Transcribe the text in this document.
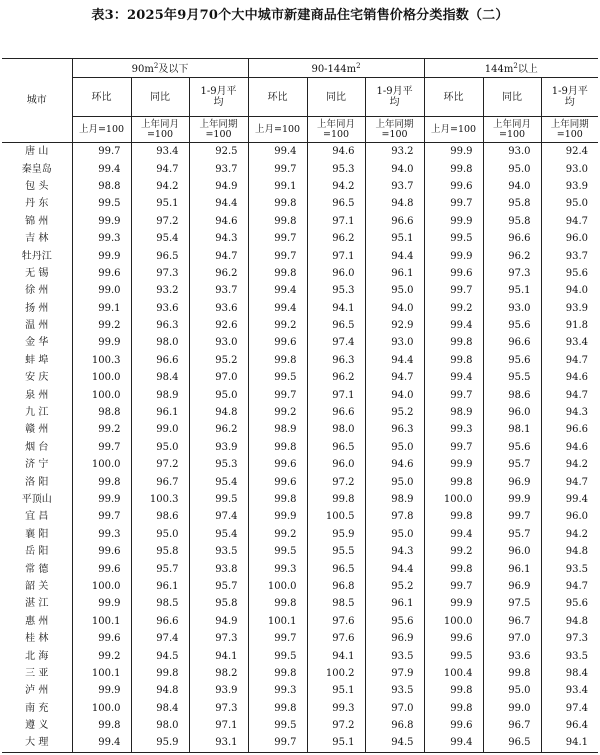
表3：2025年9月70个大中城市新建商品住宅销售价格分类指数（二）
城市	$90m^2$及以下			$90-144m^2$			$144m^2$以上		
	环比	同比	1-9月平均	环比	同比	1-9月平均	环比	同比	1-9月平均
	上月=100	上年同月=100	上年同期=100	上月=100	上年同月=100	上年同期=100	上月=100	上年同月=100	上年同期=100
唐 山	99.7	93.4	92.5	99.4	94.6	93.2	99.9	93.0	92.4
秦皇岛	99.4	94.7	93.7	99.7	95.3	94.0	99.8	95.0	93.0
包 头	98.8	94.2	94.9	99.1	94.2	93.7	99.6	94.0	93.9
丹 东	99.5	95.1	94.4	99.8	96.5	94.8	99.7	95.8	95.0
锦 州	99.9	97.2	94.6	99.8	97.1	96.6	99.9	95.8	94.7
吉 林	99.3	95.4	94.3	99.7	96.2	95.1	99.5	96.6	96.0
牡丹江	99.9	96.5	94.7	99.7	97.1	94.4	99.9	96.2	93.7
无 锡	99.6	97.3	96.2	99.8	96.0	96.1	99.6	97.3	95.6
徐 州	99.0	93.2	93.7	99.4	95.3	95.0	99.7	95.1	94.0
扬 州	99.1	93.6	93.6	99.4	94.1	94.0	99.2	93.0	93.9
温 州	99.2	96.3	92.6	99.2	96.5	92.9	99.4	95.6	91.8
金 华	99.9	98.0	93.0	99.6	97.4	93.0	99.8	96.6	93.4
蚌 埠	100.3	96.6	95.2	99.8	96.3	94.4	99.8	95.6	94.7
安 庆	100.0	98.4	97.0	99.5	96.2	94.7	99.4	95.5	94.6
泉 州	100.0	98.9	95.0	99.7	97.1	94.0	99.7	98.6	94.7
九 江	98.8	96.1	94.8	99.2	96.6	95.2	98.9	96.0	94.3
赣 州	99.2	99.0	96.2	98.9	98.0	96.3	99.3	98.1	96.6
烟 台	99.7	95.0	93.9	99.8	96.5	95.0	99.7	95.6	94.6
济 宁	100.0	97.2	95.3	99.6	96.0	94.6	99.9	95.7	94.2
洛 阳	99.8	96.7	95.4	99.6	97.2	95.0	99.8	96.9	94.7
平顶山	99.9	100.3	99.5	99.8	99.8	98.9	100.0	99.9	99.4
宜 昌	99.7	98.6	97.4	99.9	100.5	97.8	99.8	99.7	96.0
襄 阳	99.3	95.0	95.4	99.2	95.9	95.0	99.4	95.7	94.2
岳 阳	99.6	95.8	93.5	99.5	95.5	94.3	99.2	96.0	94.8
常 德	99.6	95.7	93.8	99.3	96.5	94.4	99.8	96.1	93.5
韶 关	100.0	96.1	95.7	100.0	96.8	95.2	99.7	96.9	94.7
湛 江	99.9	98.5	95.8	99.8	98.5	96.1	99.9	97.5	95.6
惠 州	100.1	96.6	94.9	100.1	97.6	95.6	100.0	96.7	94.8
桂 林	99.6	97.4	97.3	99.7	97.6	96.9	99.6	97.0	97.3
北 海	99.2	94.5	94.1	99.5	94.1	93.5	99.5	93.6	93.5
三 亚	100.1	99.8	98.2	99.8	100.2	97.9	100.4	99.8	98.4
泸 州	99.9	94.8	93.9	99.3	95.1	93.5	99.8	95.0	93.4
南 充	100.0	98.4	97.3	99.8	99.3	97.0	99.8	99.0	97.4
遵 义	99.8	98.0	97.1	99.5	97.2	96.8	99.6	96.7	96.4
大 理	99.4	95.9	93.1	99.7	95.1	94.5	99.4	96.5	94.1
